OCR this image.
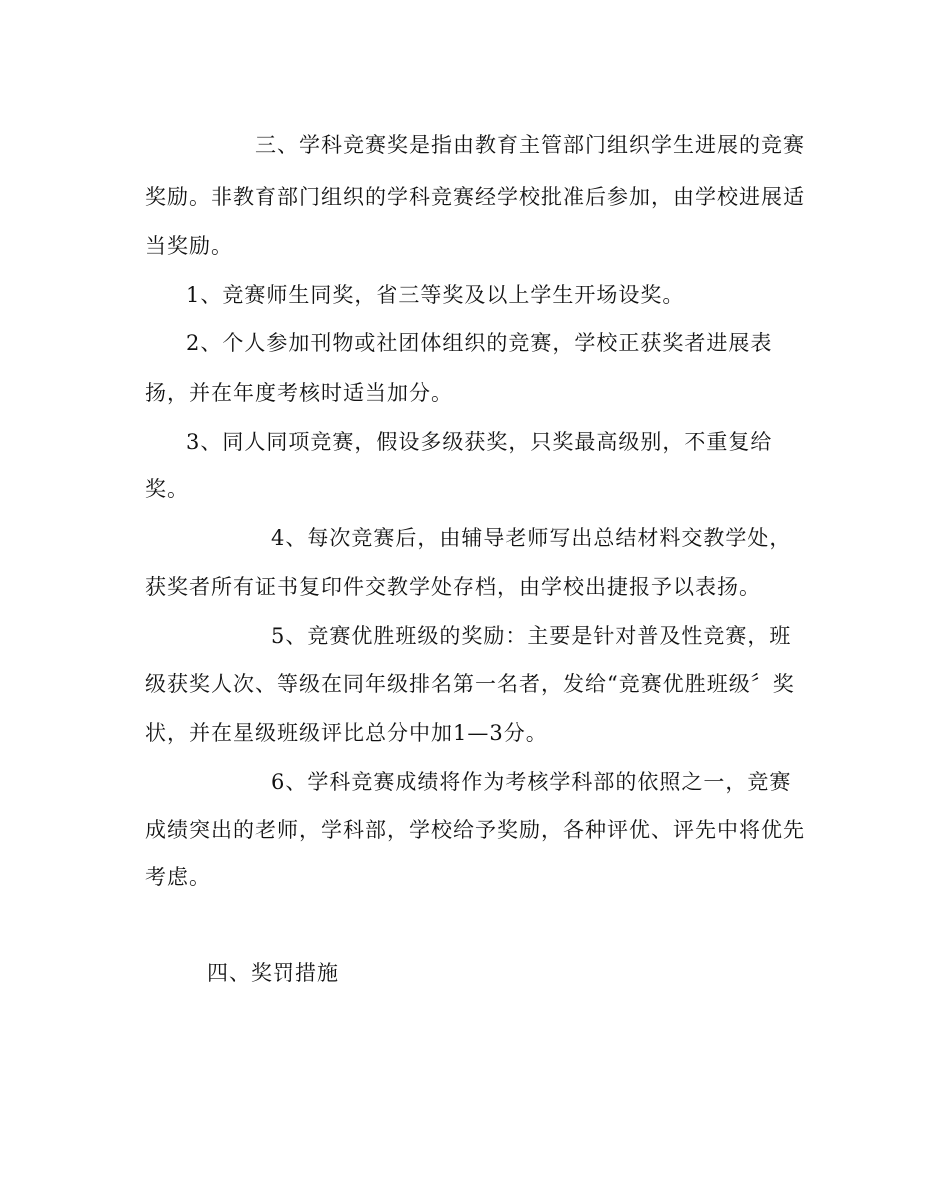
三、学科竞赛奖是指由教育主管部门组织学生进展的竞赛
奖励。非教育部门组织的学科竞赛经学校批准后参加，由学校进展适
当奖励。
1、竞赛师生同奖，省三等奖及以上学生开场设奖。
2、个人参加刊物或社团体组织的竞赛，学校正获奖者进展表
扬，并在年度考核时适当加分。
3、同人同项竞赛，假设多级获奖，只奖最高级别，不重复给
奖。
4、每次竞赛后，由辅导老师写出总结材料交教学处，
获奖者所有证书复印件交教学处存档，由学校出捷报予以表扬。
5、竞赛优胜班级的奖励：主要是针对普及性竞赛，班
级获奖人次、等级在同年级排名第一名者，发给“竞赛优胜班级〞奖
状，并在星级班级评比总分中加1—3分。
6、学科竞赛成绩将作为考核学科部的依照之一，竞赛
成绩突出的老师，学科部，学校给予奖励，各种评优、评先中将优先
考虑。
四、奖罚措施
